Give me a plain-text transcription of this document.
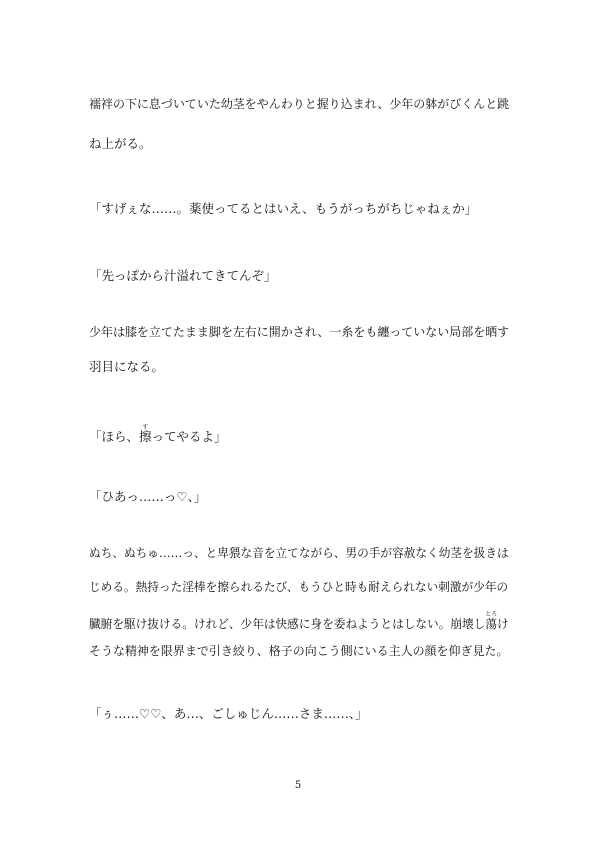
襦袢の下に息づいていた幼茎をやんわりと握り込まれ、少年の躰がびくんと跳
ね上がる。
「すげぇな……。薬使ってるとはいえ、もうがっちがちじゃねぇか」
「先っぽから汁溢れてきてんぞ」
少年は膝を立てたまま脚を左右に開かされ、一糸をも纏っていない局部を晒す
羽目になる。
「ほら、擦すってやるよ」
「ひあっ……っ♡、」
ぬち、ぬちゅ……っ、と卑猥な音を立てながら、男の手が容赦なく幼茎を扱きは
じめる。熱持った淫棒を擦られるたび、もうひと時も耐えられない刺激が少年の
臓腑を駆け抜ける。けれど、少年は快感に身を委ねようとはしない。崩壊し蕩とろけ
そうな精神を限界まで引き絞り、格子の向こう側にいる主人の顔を仰ぎ見た。
「ぅ……♡♡、あ…、ごしゅじん……さま……、」
5
